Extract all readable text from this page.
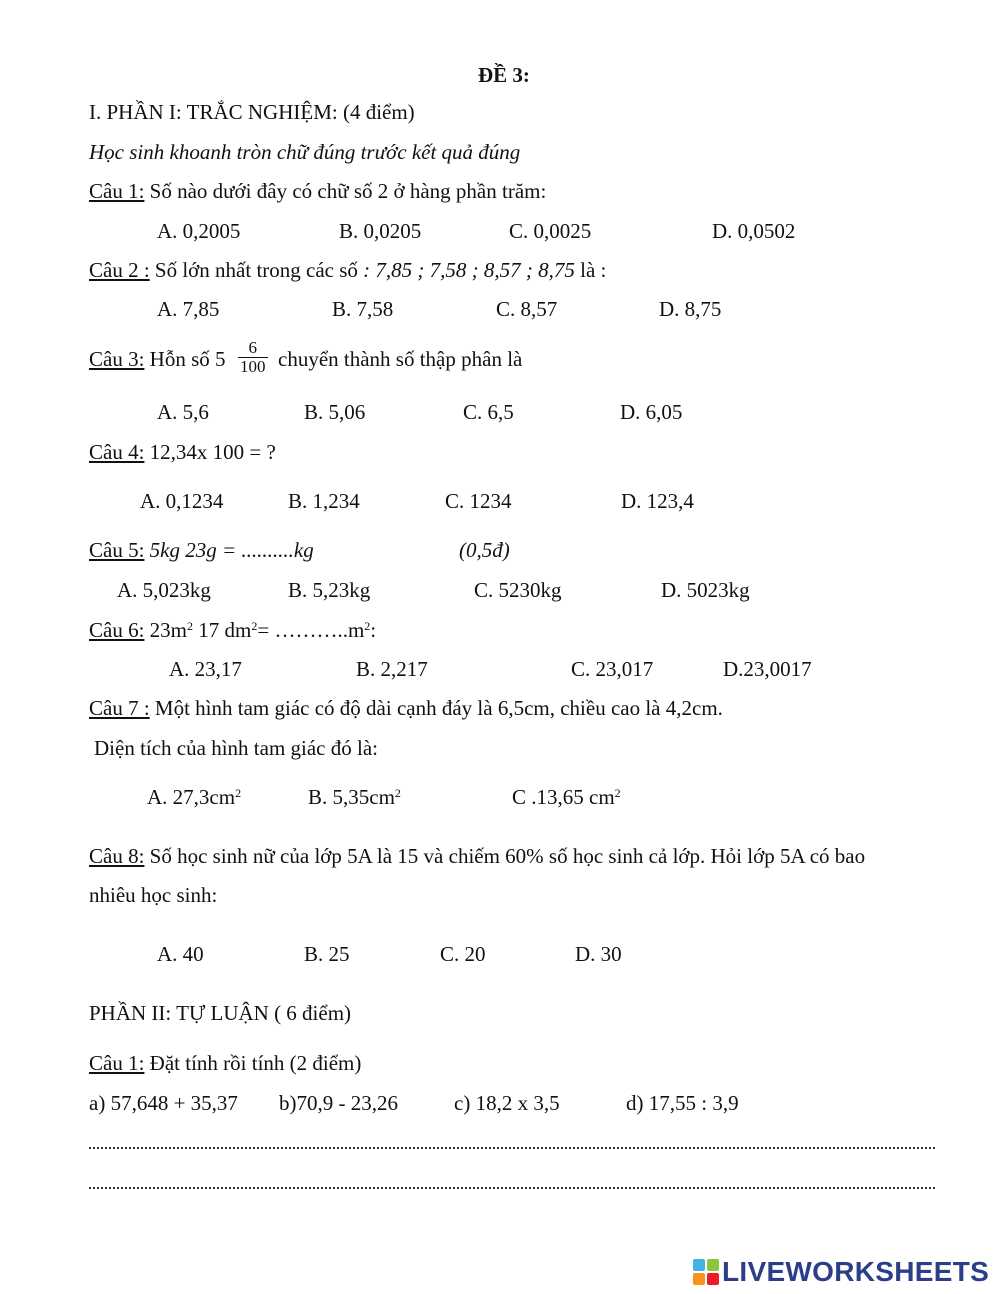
ĐỀ 3:
I. PHẦN I: TRẮC NGHIỆM: (4 điểm)
Học sinh khoanh tròn chữ đúng trước kết quả đúng
Câu 1: Số nào dưới đây có chữ số 2 ở hàng phần trăm:
A. 0,2005	B. 0,0205	C. 0,0025	D. 0,0502
Câu 2 : Số lớn nhất trong các số : 7,85 ; 7,58 ; 8,57 ; 8,75 là :
A. 7,85	B. 7,58	C. 8,57	D. 8,75
Câu 3: Hỗn số $5 \frac{6}{100}$ chuyển thành số thập phân là
A. 5,6	B. 5,06	C. 6,5	D. 6,05
Câu 4: 12,34x 100 = ?
A. 0,1234	B. 1,234	C. 1234	D. 123,4
Câu 5: 5kg 23g = ..........kg	(0,5đ)
A. 5,023kg	B. 5,23kg	C. 5230kg	D. 5023kg
Câu 6: $23m^2$ 17 $dm^2=$ $\dots\dots\dots..m^2$:
A. 23,17	B. 2,217	C. 23,017	D.23,0017
Câu 7 : Một hình tam giác có độ dài cạnh đáy là 6,5cm, chiều cao là 4,2cm.
Diện tích của hình tam giác đó là:
A. $27,3cm^2$	B. $5,35cm^2$	C .13,65 $cm^2$
Câu 8: Số học sinh nữ của lớp 5A là 15 và chiếm 60% số học sinh cả lớp. Hỏi lớp 5A có bao
nhiêu học sinh:
A. 40	B. 25	C. 20	D. 30
PHẦN II: TỰ LUẬN ( 6 điểm)
Câu 1: Đặt tính rồi tính (2 điểm)
a) 57,648 + 35,37 b)70,9 - 23,26	c) 18,2 x 3,5	d) 17,55 : 3,9
LIVEWORKSHEETS
